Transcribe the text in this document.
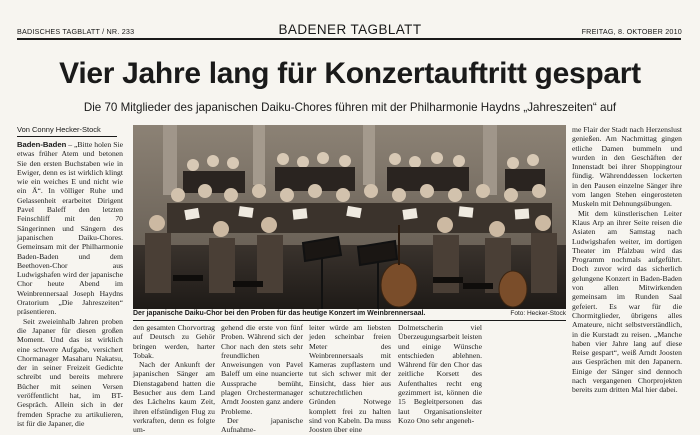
BADISCHES TAGBLATT / NR. 233	BADENER TAGBLATT	FREITAG, 8. OKTOBER 2010
Vier Jahre lang für Konzertauftritt gespart
Die 70 Mitglieder des japanischen Daiku-Chores führen mit der Philharmonie Haydns „Jahreszeiten“ auf
Von Conny Hecker-Stock

Baden-Baden – „Bitte holen Sie etwas früher Atem und betonen Sie den ersten Buchstaben wie in Ewiger, denn es ist wirklich klingt wie ein weiches E und nicht wie ein Ä“. In völliger Ruhe und Gelassenheit erarbeitet Dirigent Pavel Baleff den letzten Feinschliff mit den 70 Sängerinnen und Sängern des japanischen Daiku-Chores. Gemeinsam mit der Philharmonie Baden-Baden und dem Beethoven-Chor aus Ludwigshafen wird der japanische Chor heute Abend im Weinbrennersaal Joseph Haydns Oratorium „Die Jahreszeiten“ präsentieren.

Seit zweieinhalb Jahren proben die Japaner für diesen großen Moment. Und das ist wirklich eine schwere Aufgabe, versichert Chormanager Masaharu Nakatsu, der in seiner Freizeit Gedichte schreibt und bereits mehrere Bücher mit seinen Versen veröffentlicht hat, im BT-Gespräch. Allein sich in der fremden Sprache zu artikulieren, ist für die Japaner, die

Der japanische Daiku-Chor bei den Proben für das heutige Konzert im Weinbrennersaal.	Foto: Hecker-Stock

den gesamten Chorvortrag auf Deutsch zu Gehör bringen werden, harter Tobak.

Nach der Ankunft der japanischen Sänger am Dienstagabend hatten die Besucher aus dem Land des Lächelns kaum Zeit, ihren elfstündigen Flug zu verkraften, denn es folgte um-

gehend die erste von fünf Proben. Während sich der Chor nach den stets sehr freundlichen Anweisungen von Pavel Baleff um eine nuancierte Aussprache bemüht, plagen Orchestermanager Arndt Joosten ganz andere Probleme.

Der japanische Aufnahme-

leiter würde am liebsten jeden scheinbar freien Meter des Weinbrennersaals mit Kameras zupflastern und tut sich schwer mit der Einsicht, dass hier aus schutzrechtlichen Gründen Notwege komplett frei zu halten sind von Kabeln. Da muss Joosten über eine

Dolmetscherin viel Überzeugungsarbeit leisten und einige Wünsche entschieden ablehnen. Während für den Chor das zeitliche Korsett des Aufenthaltes recht eng gezimmert ist, können die 15 Begleitpersonen das laut Organisationsleiter Kozo Ono sehr angeneh-

me Flair der Stadt nach Herzenslust genießen. Am Nachmittag gingen etliche Damen bummeln und wurden in den Geschäften der Innenstadt bei ihrer Shoppingtour fündig. Währenddessen lockerten in den Pausen einzelne Sänger ihre vom langen Stehen eingerosteten Muskeln mit Dehnungsübungen.

Mit dem künstlerischen Leiter Klaus Arp an ihrer Seite reisen die Asiaten am Samstag nach Ludwigshafen weiter, im dortigen Theater im Pfalzbau wird das Programm nochmals aufgeführt. Doch zuvor wird das sicherlich gelungene Konzert in Baden-Baden von allen Mitwirkenden gemeinsam im Runden Saal gefeiert. Es war für die Chormitglieder, übrigens alles Amateure, nicht selbstverständlich, in die Kurstadt zu reisen. „Manche haben vier Jahre lang auf diese Reise gespart“, weiß Arndt Joosten aus Gesprächen mit den Japanern. Einige der Sänger sind dennoch nach vergangenen Chorprojekten bereits zum dritten Mal hier dabei.
